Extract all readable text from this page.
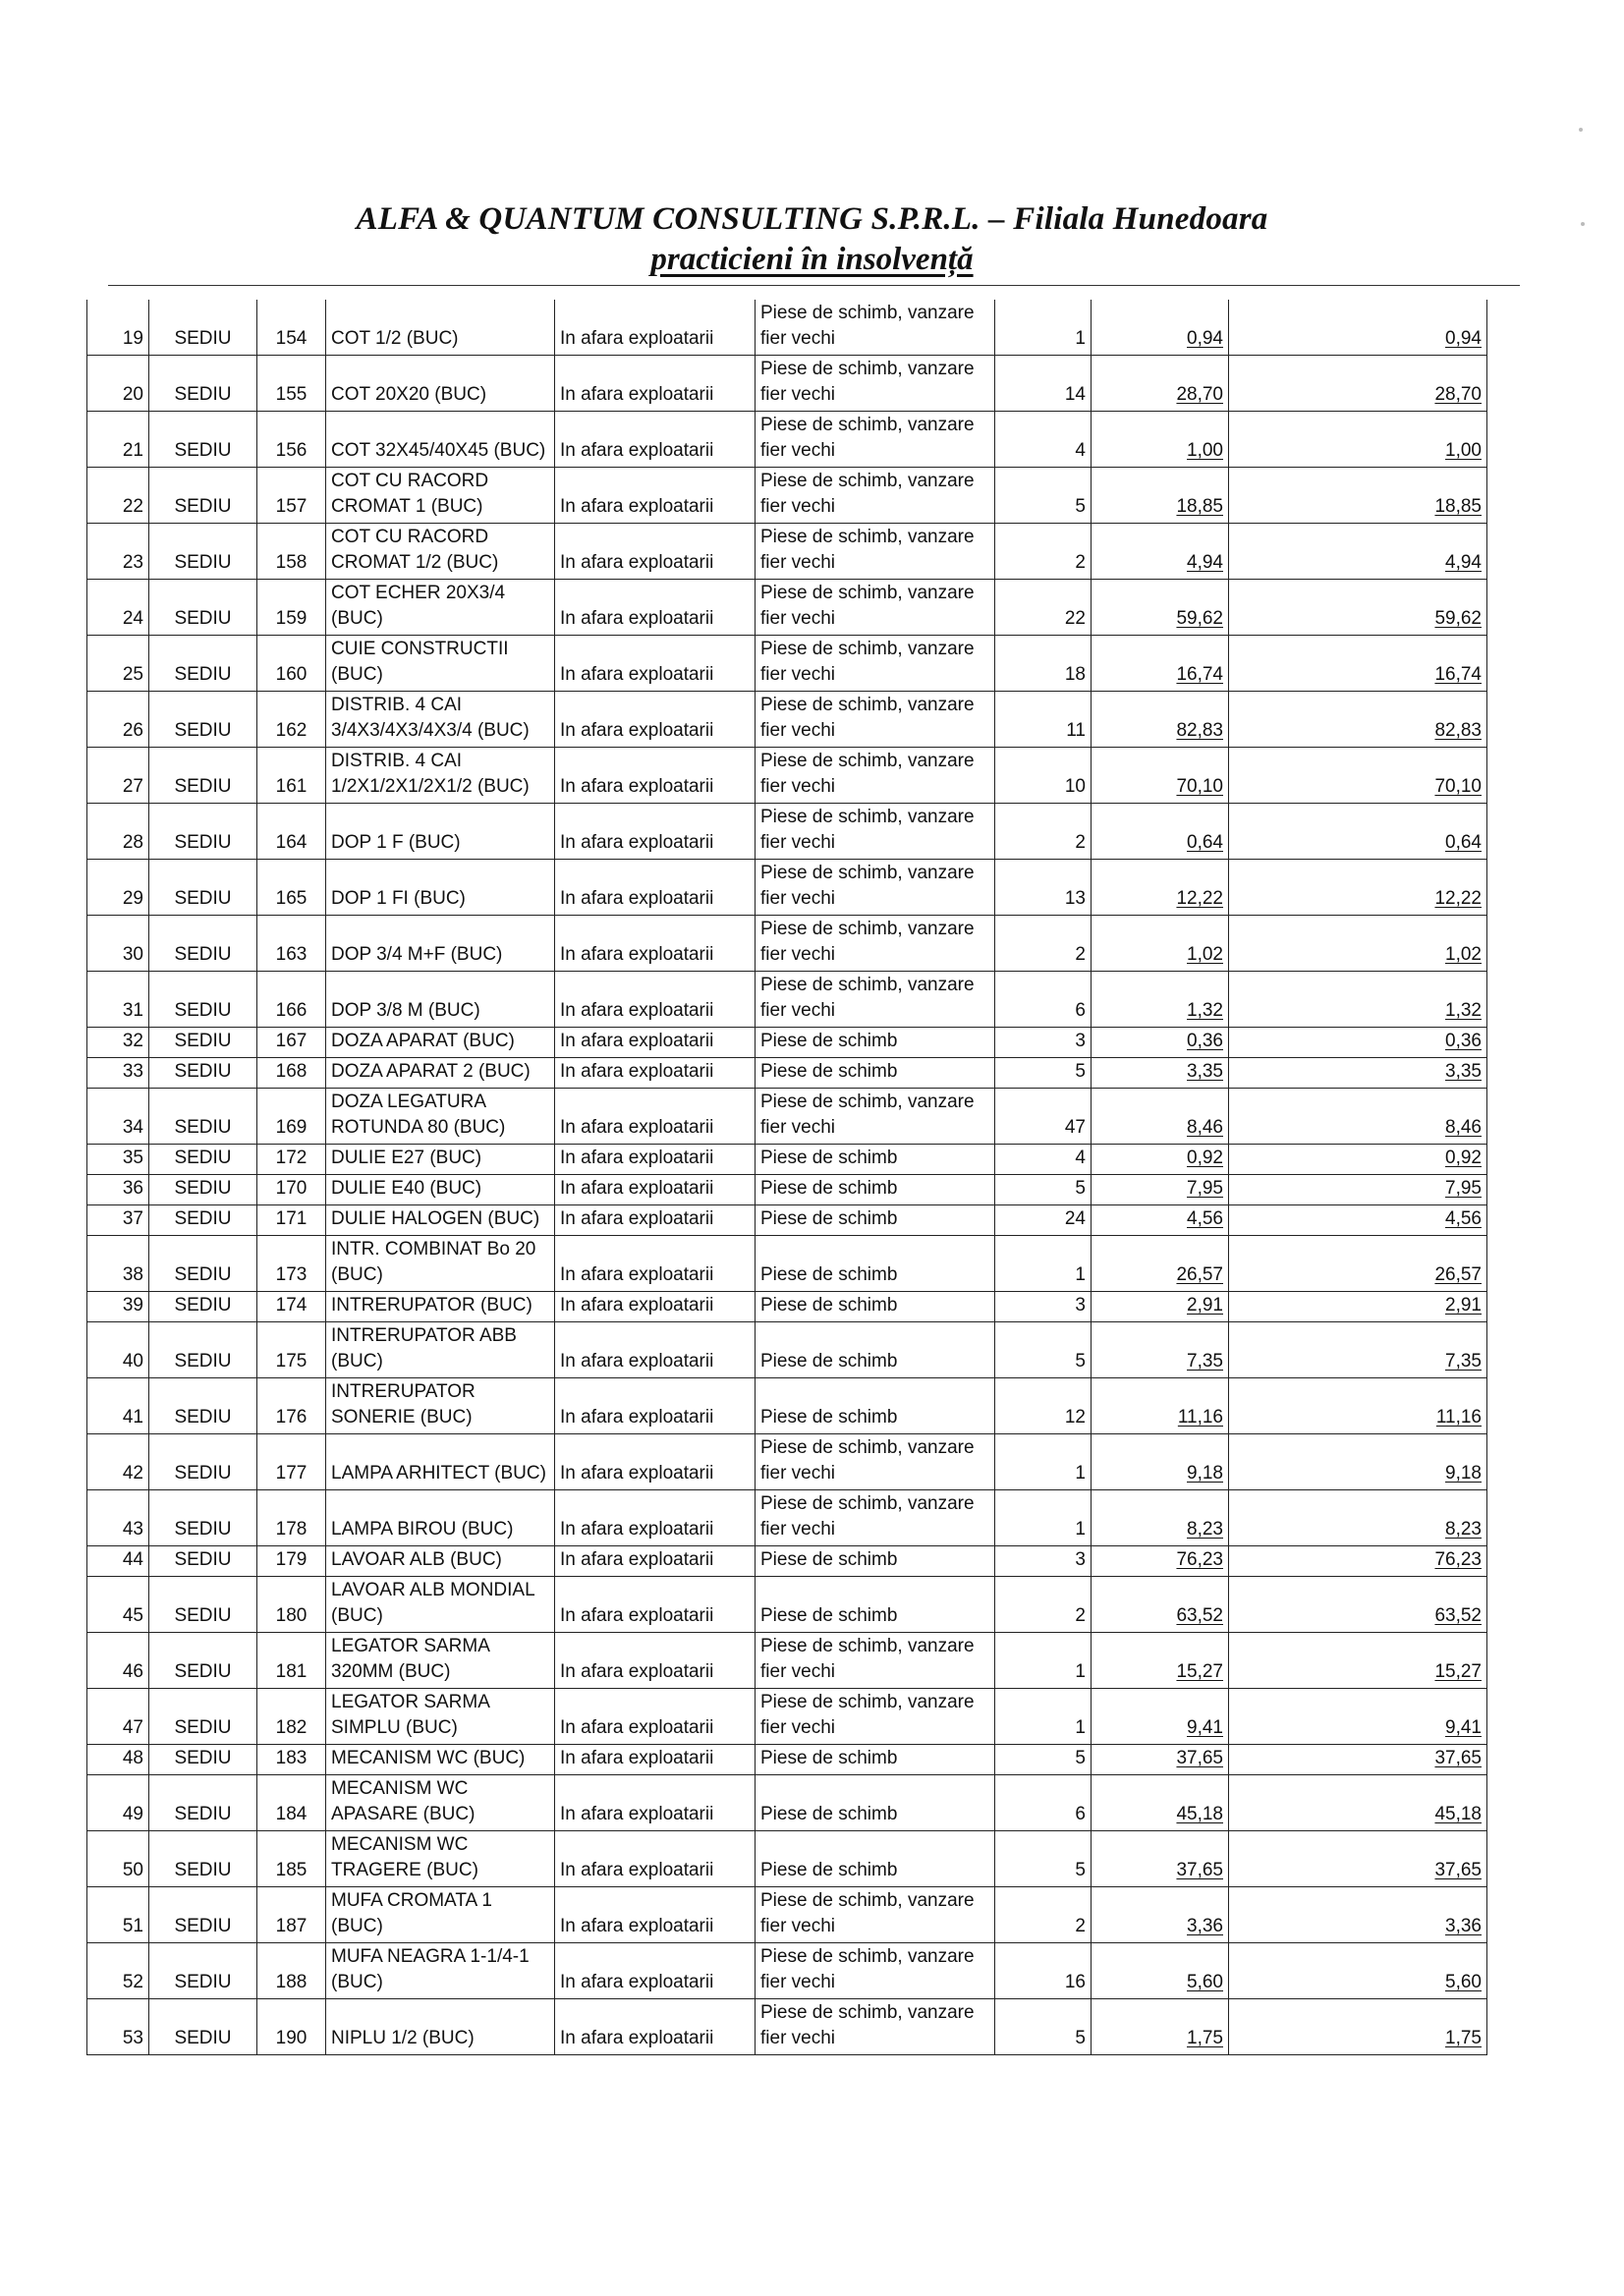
ALFA & QUANTUM CONSULTING S.P.R.L. – Filiala Hunedoara
practicieni în insolvență
19	SEDIU	154	COT 1/2 (BUC)	In afara exploatarii	Piese de schimb, vanzare fier vechi	1	0,94	0,94
20	SEDIU	155	COT 20X20 (BUC)	In afara exploatarii	Piese de schimb, vanzare fier vechi	14	28,70	28,70
21	SEDIU	156	COT 32X45/40X45 (BUC)	In afara exploatarii	Piese de schimb, vanzare fier vechi	4	1,00	1,00
22	SEDIU	157	COT CU RACORD CROMAT 1 (BUC)	In afara exploatarii	Piese de schimb, vanzare fier vechi	5	18,85	18,85
23	SEDIU	158	COT CU RACORD CROMAT 1/2 (BUC)	In afara exploatarii	Piese de schimb, vanzare fier vechi	2	4,94	4,94
24	SEDIU	159	COT ECHER 20X3/4 (BUC)	In afara exploatarii	Piese de schimb, vanzare fier vechi	22	59,62	59,62
25	SEDIU	160	CUIE CONSTRUCTII (BUC)	In afara exploatarii	Piese de schimb, vanzare fier vechi	18	16,74	16,74
26	SEDIU	162	DISTRIB. 4 CAI 3/4X3/4X3/4X3/4 (BUC)	In afara exploatarii	Piese de schimb, vanzare fier vechi	11	82,83	82,83
27	SEDIU	161	DISTRIB. 4 CAI 1/2X1/2X1/2X1/2 (BUC)	In afara exploatarii	Piese de schimb, vanzare fier vechi	10	70,10	70,10
28	SEDIU	164	DOP 1 F (BUC)	In afara exploatarii	Piese de schimb, vanzare fier vechi	2	0,64	0,64
29	SEDIU	165	DOP 1 FI (BUC)	In afara exploatarii	Piese de schimb, vanzare fier vechi	13	12,22	12,22
30	SEDIU	163	DOP 3/4 M+F (BUC)	In afara exploatarii	Piese de schimb, vanzare fier vechi	2	1,02	1,02
31	SEDIU	166	DOP 3/8 M (BUC)	In afara exploatarii	Piese de schimb, vanzare fier vechi	6	1,32	1,32
32	SEDIU	167	DOZA APARAT (BUC)	In afara exploatarii	Piese de schimb	3	0,36	0,36
33	SEDIU	168	DOZA APARAT 2 (BUC)	In afara exploatarii	Piese de schimb	5	3,35	3,35
34	SEDIU	169	DOZA LEGATURA ROTUNDA 80 (BUC)	In afara exploatarii	Piese de schimb, vanzare fier vechi	47	8,46	8,46
35	SEDIU	172	DULIE E27 (BUC)	In afara exploatarii	Piese de schimb	4	0,92	0,92
36	SEDIU	170	DULIE E40 (BUC)	In afara exploatarii	Piese de schimb	5	7,95	7,95
37	SEDIU	171	DULIE HALOGEN (BUC)	In afara exploatarii	Piese de schimb	24	4,56	4,56
38	SEDIU	173	INTR. COMBINAT Bo 20 (BUC)	In afara exploatarii	Piese de schimb	1	26,57	26,57
39	SEDIU	174	INTRERUPATOR (BUC)	In afara exploatarii	Piese de schimb	3	2,91	2,91
40	SEDIU	175	INTRERUPATOR ABB (BUC)	In afara exploatarii	Piese de schimb	5	7,35	7,35
41	SEDIU	176	INTRERUPATOR SONERIE (BUC)	In afara exploatarii	Piese de schimb	12	11,16	11,16
42	SEDIU	177	LAMPA ARHITECT (BUC)	In afara exploatarii	Piese de schimb, vanzare fier vechi	1	9,18	9,18
43	SEDIU	178	LAMPA BIROU (BUC)	In afara exploatarii	Piese de schimb, vanzare fier vechi	1	8,23	8,23
44	SEDIU	179	LAVOAR ALB (BUC)	In afara exploatarii	Piese de schimb	3	76,23	76,23
45	SEDIU	180	LAVOAR ALB MONDIAL (BUC)	In afara exploatarii	Piese de schimb	2	63,52	63,52
46	SEDIU	181	LEGATOR SARMA 320MM (BUC)	In afara exploatarii	Piese de schimb, vanzare fier vechi	1	15,27	15,27
47	SEDIU	182	LEGATOR SARMA SIMPLU (BUC)	In afara exploatarii	Piese de schimb, vanzare fier vechi	1	9,41	9,41
48	SEDIU	183	MECANISM WC (BUC)	In afara exploatarii	Piese de schimb	5	37,65	37,65
49	SEDIU	184	MECANISM WC APASARE (BUC)	In afara exploatarii	Piese de schimb	6	45,18	45,18
50	SEDIU	185	MECANISM WC TRAGERE (BUC)	In afara exploatarii	Piese de schimb	5	37,65	37,65
51	SEDIU	187	MUFA CROMATA 1 (BUC)	In afara exploatarii	Piese de schimb, vanzare fier vechi	2	3,36	3,36
52	SEDIU	188	MUFA NEAGRA 1-1/4-1 (BUC)	In afara exploatarii	Piese de schimb, vanzare fier vechi	16	5,60	5,60
53	SEDIU	190	NIPLU 1/2 (BUC)	In afara exploatarii	Piese de schimb, vanzare fier vechi	5	1,75	1,75
